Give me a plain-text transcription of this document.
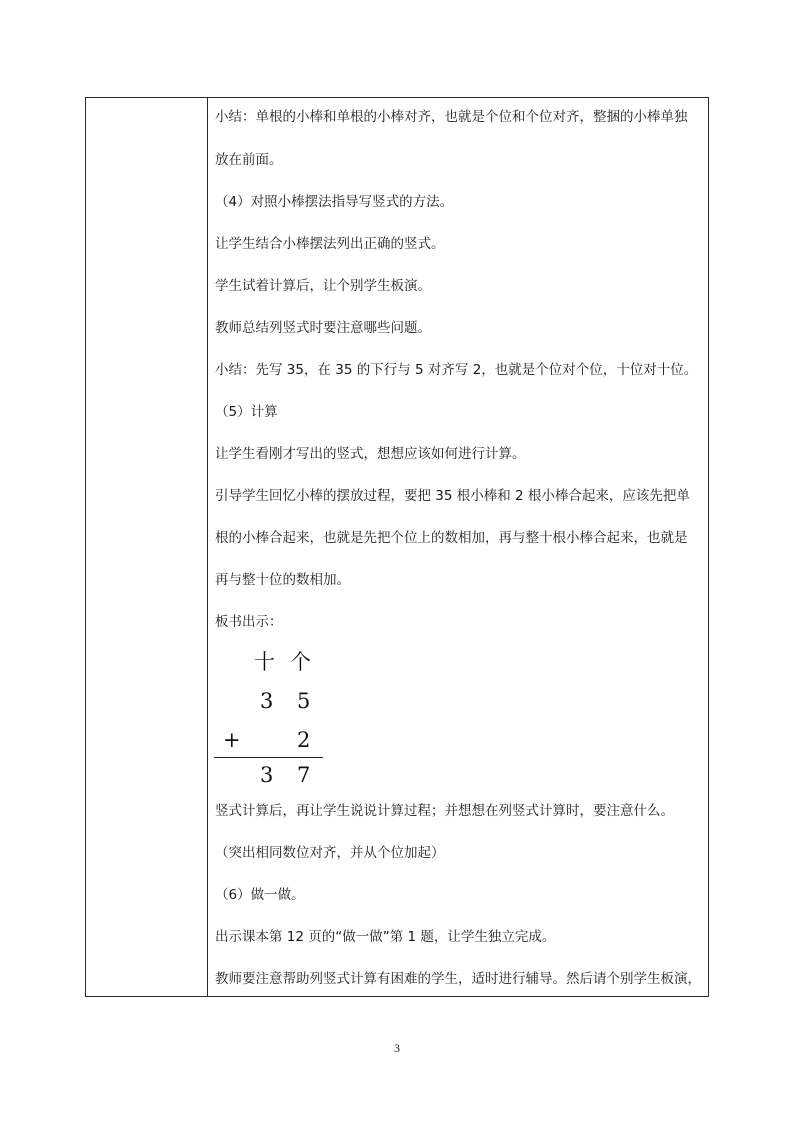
小结：单根的小棒和单根的小棒对齐，也就是个位和个位对齐，整捆的小棒单独
放在前面。
（4）对照小棒摆法指导写竖式的方法。
让学生结合小棒摆法列出正确的竖式。
学生试着计算后，让个别学生板演。
教师总结列竖式时要注意哪些问题。
小结：先写 35，在 35 的下行与 5 对齐写 2，也就是个位对个位，十位对十位。
（5）计算
让学生看刚才写出的竖式，想想应该如何进行计算。
引导学生回忆小棒的摆放过程，要把 35 根小棒和 2 根小棒合起来，应该先把单
根的小棒合起来，也就是先把个位上的数相加，再与整十根小棒合起来，也就是
再与整十位的数相加。
板书出示：
十 个
3 5
+	2
3 7
竖式计算后，再让学生说说计算过程；并想想在列竖式计算时，要注意什么。
（突出相同数位对齐，并从个位加起）
（6）做一做。
出示课本第 12 页的“做一做”第 1 题，让学生独立完成。
教师要注意帮助列竖式计算有困难的学生，适时进行辅导。然后请个别学生板演，
3
